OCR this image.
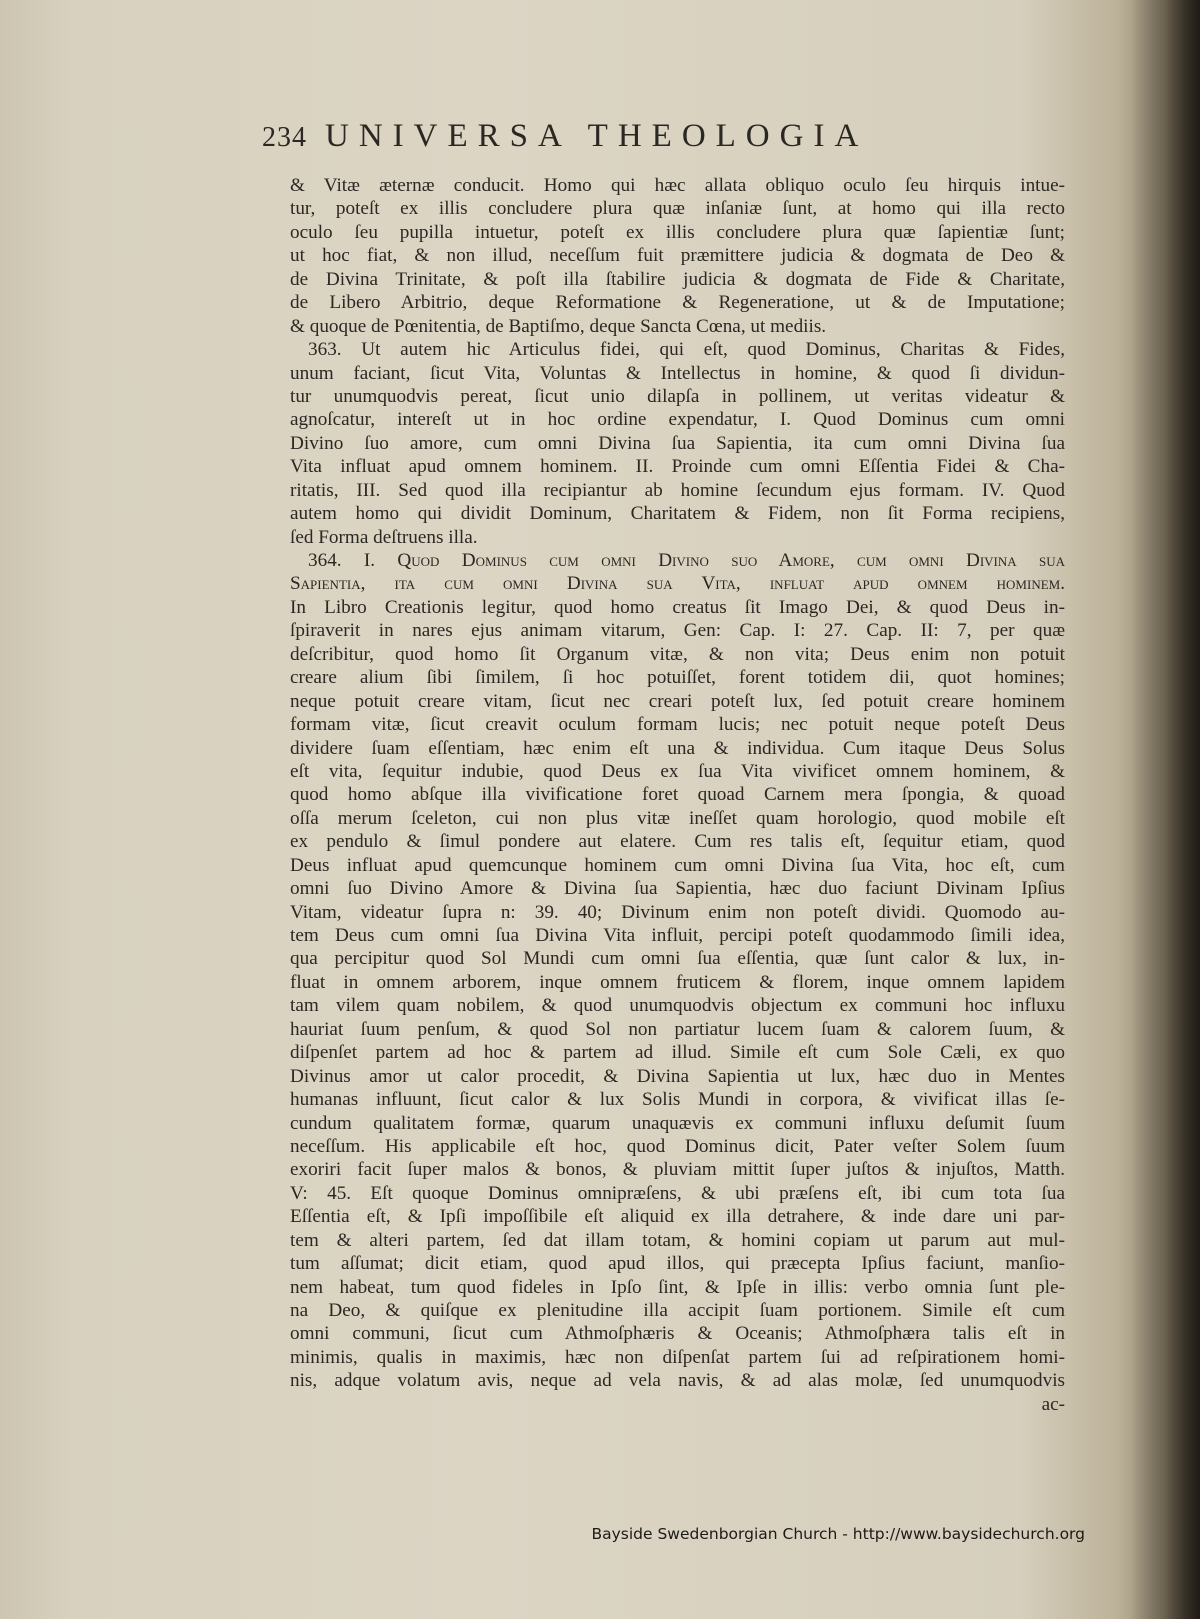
234 UNIVERSA THEOLOGIA
& Vitæ æternæ conducit. Homo qui hæc allata obliquo oculo ſeu hirquis intue-
tur, poteſt ex illis concludere plura quæ inſaniæ ſunt, at homo qui illa recto
oculo ſeu pupilla intuetur, poteſt ex illis concludere plura quæ ſapientiæ ſunt;
ut hoc fiat, & non illud, neceſſum fuit præmittere judicia & dogmata de Deo &
de Divina Trinitate, & poſt illa ſtabilire judicia & dogmata de Fide & Charitate,
de Libero Arbitrio, deque Reformatione & Regeneratione, ut & de Imputatione;
& quoque de Pœnitentia, de Baptiſmo, deque Sancta Cœna, ut mediis.
363. Ut autem hic Articulus fidei, qui eſt, quod Dominus, Charitas & Fides,
unum faciant, ſicut Vita, Voluntas & Intellectus in homine, & quod ſi dividun-
tur unumquodvis pereat, ſicut unio dilapſa in pollinem, ut veritas videatur &
agnoſcatur, intereſt ut in hoc ordine expendatur, I. Quod Dominus cum omni
Divino ſuo amore, cum omni Divina ſua Sapientia, ita cum omni Divina ſua
Vita influat apud omnem hominem. II. Proinde cum omni Eſſentia Fidei & Cha-
ritatis, III. Sed quod illa recipiantur ab homine ſecundum ejus formam. IV. Quod
autem homo qui dividit Dominum, Charitatem & Fidem, non ſit Forma recipiens,
ſed Forma deſtruens illa.
364. I. Quod Dominus cum omni Divino suo Amore, cum omni Divina sua
Sapientia, ita cum omni Divina sua Vita, influat apud omnem hominem.
In Libro Creationis legitur, quod homo creatus ſit Imago Dei, & quod Deus in-
ſpiraverit in nares ejus animam vitarum, Gen: Cap. I: 27. Cap. II: 7, per quæ
deſcribitur, quod homo ſit Organum vitæ, & non vita; Deus enim non potuit
creare alium ſibi ſimilem, ſi hoc potuiſſet, forent totidem dii, quot homines;
neque potuit creare vitam, ſicut nec creari poteſt lux, ſed potuit creare hominem
formam vitæ, ſicut creavit oculum formam lucis; nec potuit neque poteſt Deus
dividere ſuam eſſentiam, hæc enim eſt una & individua. Cum itaque Deus Solus
eſt vita, ſequitur indubie, quod Deus ex ſua Vita vivificet omnem hominem, &
quod homo abſque illa vivificatione foret quoad Carnem mera ſpongia, & quoad
oſſa merum ſceleton, cui non plus vitæ ineſſet quam horologio, quod mobile eſt
ex pendulo & ſimul pondere aut elatere. Cum res talis eſt, ſequitur etiam, quod
Deus influat apud quemcunque hominem cum omni Divina ſua Vita, hoc eſt, cum
omni ſuo Divino Amore & Divina ſua Sapientia, hæc duo faciunt Divinam Ipſius
Vitam, videatur ſupra n: 39. 40; Divinum enim non poteſt dividi. Quomodo au-
tem Deus cum omni ſua Divina Vita influit, percipi poteſt quodammodo ſimili idea,
qua percipitur quod Sol Mundi cum omni ſua eſſentia, quæ ſunt calor & lux, in-
fluat in omnem arborem, inque omnem fruticem & florem, inque omnem lapidem
tam vilem quam nobilem, & quod unumquodvis objectum ex communi hoc influxu
hauriat ſuum penſum, & quod Sol non partiatur lucem ſuam & calorem ſuum, &
diſpenſet partem ad hoc & partem ad illud. Simile eſt cum Sole Cæli, ex quo
Divinus amor ut calor procedit, & Divina Sapientia ut lux, hæc duo in Mentes
humanas influunt, ſicut calor & lux Solis Mundi in corpora, & vivificat illas ſe-
cundum qualitatem formæ, quarum unaquævis ex communi influxu deſumit ſuum
neceſſum. His applicabile eſt hoc, quod Dominus dicit, Pater veſter Solem ſuum
exoriri facit ſuper malos & bonos, & pluviam mittit ſuper juſtos & injuſtos, Matth.
V: 45. Eſt quoque Dominus omnipræſens, & ubi præſens eſt, ibi cum tota ſua
Eſſentia eſt, & Ipſi impoſſibile eſt aliquid ex illa detrahere, & inde dare uni par-
tem & alteri partem, ſed dat illam totam, & homini copiam ut parum aut mul-
tum aſſumat; dicit etiam, quod apud illos, qui præcepta Ipſius faciunt, manſio-
nem habeat, tum quod fideles in Ipſo ſint, & Ipſe in illis: verbo omnia ſunt ple-
na Deo, & quiſque ex plenitudine illa accipit ſuam portionem. Simile eſt cum
omni communi, ſicut cum Athmoſphæris & Oceanis; Athmoſphæra talis eſt in
minimis, qualis in maximis, hæc non diſpenſat partem ſui ad reſpirationem homi-
nis, adque volatum avis, neque ad vela navis, & ad alas molæ, ſed unumquodvis
ac-
Bayside Swedenborgian Church - http://www.baysidechurch.org
